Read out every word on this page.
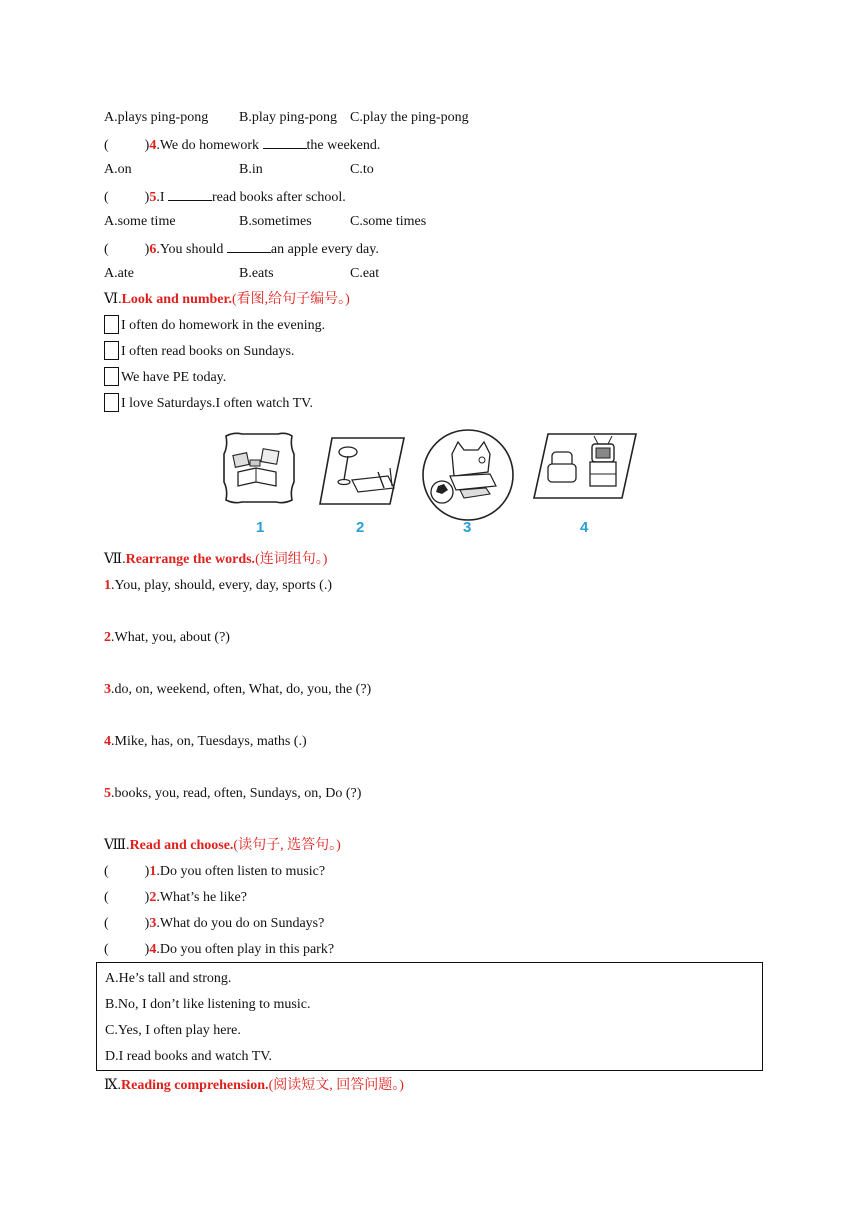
A.plays ping-pong B.play ping-pong C.play the ping-pong
(	)4.We do homework	the weekend.
A.on	B.in	C.to
(	)5.I	read books after school.
A.some time	B.sometimes	C.some times
(	)6.You should	an apple every day.
A.ate	B.eats	C.eat
Ⅵ.Look and number.(看图,给句子编号。)
I often do homework in the evening.
I often read books on Sundays.
We have PE today.
I love Saturdays.I often watch TV.
1	2	3	4
Ⅶ.Rearrange the words.(连词组句。)
1.You, play, should, every, day, sports (.)
2.What, you, about (?)
3.do, on, weekend, often, What, do, you, the (?)
4.Mike, has, on, Tuesdays, maths (.)
5.books, you, read, often, Sundays, on, Do (?)
Ⅷ.Read and choose.(读句子, 选答句。)
(	)1.Do you often listen to music?
(	)2.What’s he like?
(	)3.What do you do on Sundays?
(	)4.Do you often play in this park?
A.He’s tall and strong.
B.No, I don’t like listening to music.
C.Yes, I often play here.
D.I read books and watch TV.
Ⅸ.Reading comprehension.(阅读短文, 回答问题。)
